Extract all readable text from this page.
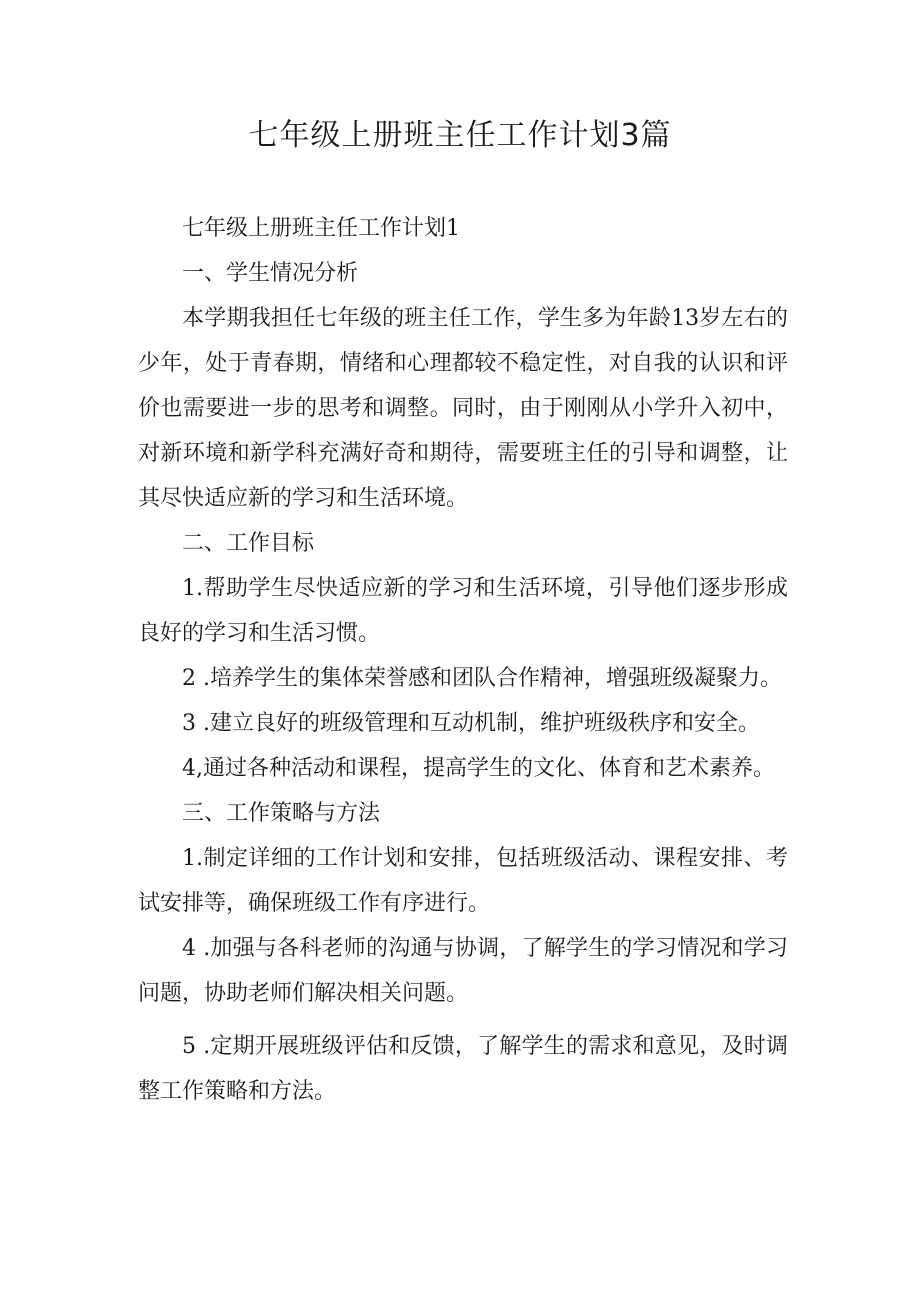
七年级上册班主任工作计划3篇

七年级上册班主任工作计划1

一、学生情况分析

本学期我担任七年级的班主任工作，学生多为年龄13岁左右的少年，处于青春期，情绪和心理都较不稳定性，对自我的认识和评价也需要进一步的思考和调整。同时，由于刚刚从小学升入初中，对新环境和新学科充满好奇和期待，需要班主任的引导和调整，让其尽快适应新的学习和生活环境。

二、工作目标

1.帮助学生尽快适应新的学习和生活环境，引导他们逐步形成良好的学习和生活习惯。

2 .培养学生的集体荣誉感和团队合作精神，增强班级凝聚力。

3 .建立良好的班级管理和互动机制，维护班级秩序和安全。

4,通过各种活动和课程，提高学生的文化、体育和艺术素养。

三、工作策略与方法

1.制定详细的工作计划和安排，包括班级活动、课程安排、考试安排等，确保班级工作有序进行。

4 .加强与各科老师的沟通与协调，了解学生的学习情况和学习问题，协助老师们解决相关问题。

5 .定期开展班级评估和反馈，了解学生的需求和意见，及时调整工作策略和方法。
